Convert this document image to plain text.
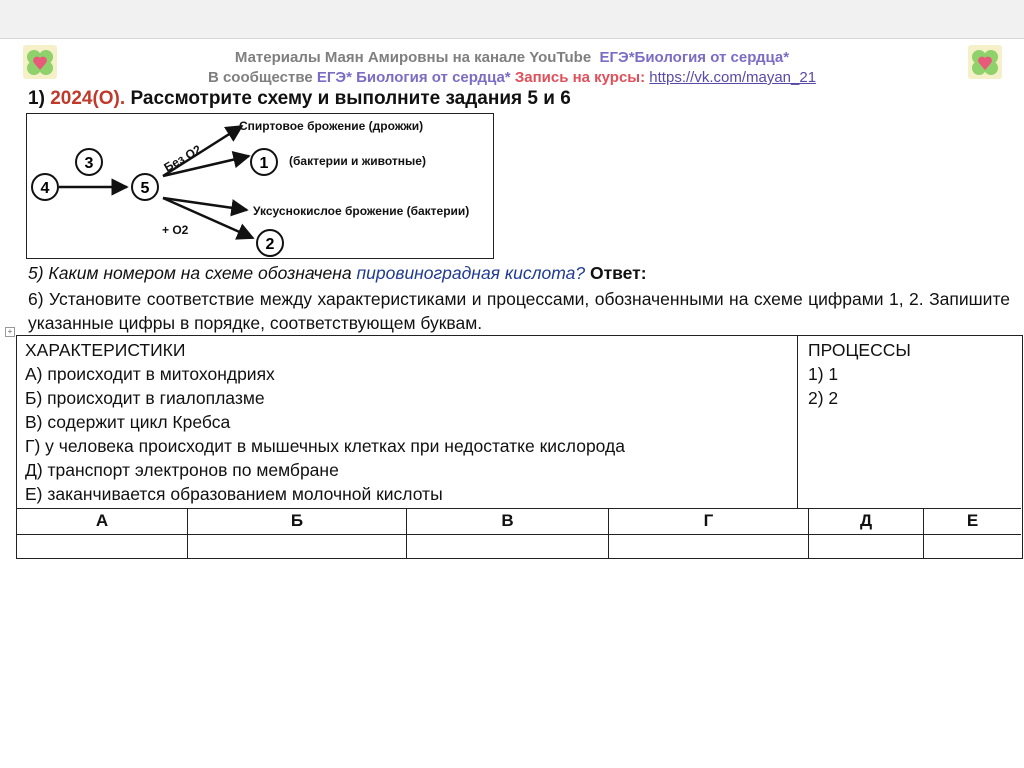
Материалы Маян Амировны на канале YouTube ЕГЭ*Биология от сердца*
В сообществе ЕГЭ* Биология от сердца* Запись на курсы: https://vk.com/mayan_21
1) 2024(О). Рассмотрите схему и выполните задания 5 и 6
4
3
5
1
2
Без О2
+ О2
Спиртовое брожение (дрожжи)
(бактерии и животные)
Уксуснокислое брожение (бактерии)
5) Каким номером на схеме обозначена пировиноградная кислота? Ответ:
6) Установите соответствие между характеристиками и процессами, обозначенными на схеме цифрами 1, 2. Запишите указанные цифры в порядке, соответствующем буквам.
+
ХАРАКТЕРИСТИКИ
А) происходит в митохондриях
Б) происходит в гиалоплазме
В) содержит цикл Кребса
Г) у человека происходит в мышечных клетках при недостатке кислорода
Д) транспорт электронов по мембране
Е) заканчивается образованием молочной кислоты
ПРОЦЕССЫ
1) 1
2) 2
А	Б	В	Г	Д	Е
